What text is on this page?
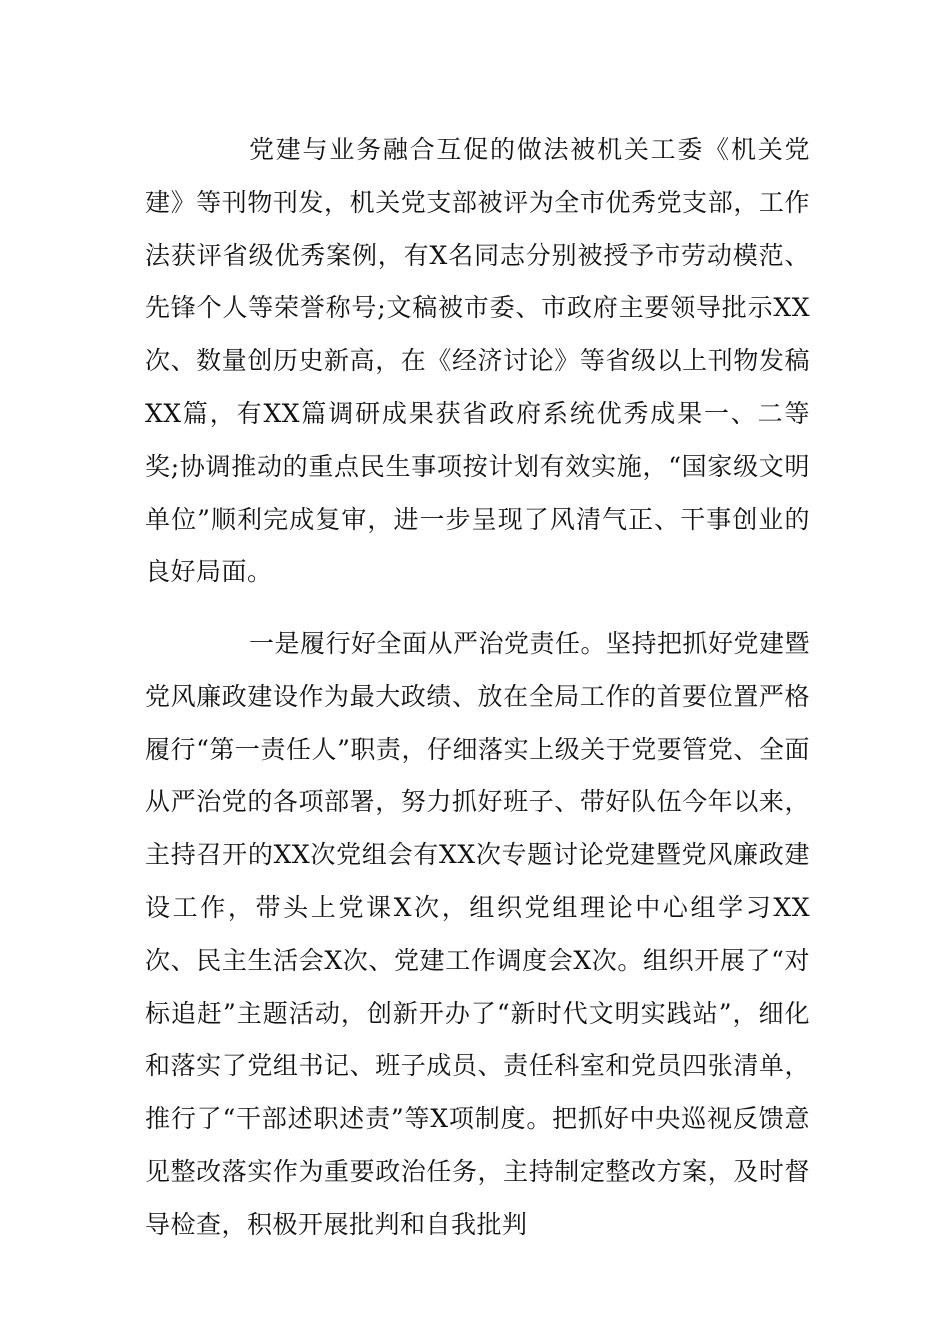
党建与业务融合互促的做法被机关工委《机关党建》等刊物刊发，机关党支部被评为全市优秀党支部，工作法获评省级优秀案例，有X名同志分别被授予市劳动模范、先锋个人等荣誉称号;文稿被市委、市政府主要领导批示XX次、数量创历史新高，在《经济讨论》等省级以上刊物发稿XX篇，有XX篇调研成果获省政府系统优秀成果一、二等奖;协调推动的重点民生事项按计划有效实施，“国家级文明单位”顺利完成复审，进一步呈现了风清气正、干事创业的良好局面。

一是履行好全面从严治党责任。坚持把抓好党建暨党风廉政建设作为最大政绩、放在全局工作的首要位置严格履行“第一责任人”职责，仔细落实上级关于党要管党、全面从严治党的各项部署，努力抓好班子、带好队伍今年以来，主持召开的XX次党组会有XX次专题讨论党建暨党风廉政建设工作，带头上党课X次，组织党组理论中心组学习XX次、民主生活会X次、党建工作调度会X次。组织开展了“对标追赶”主题活动，创新开办了“新时代文明实践站”，细化和落实了党组书记、班子成员、责任科室和党员四张清单，推行了“干部述职述责”等X项制度。把抓好中央巡视反馈意见整改落实作为重要政治任务，主持制定整改方案，及时督导检查，积极开展批判和自我批判
